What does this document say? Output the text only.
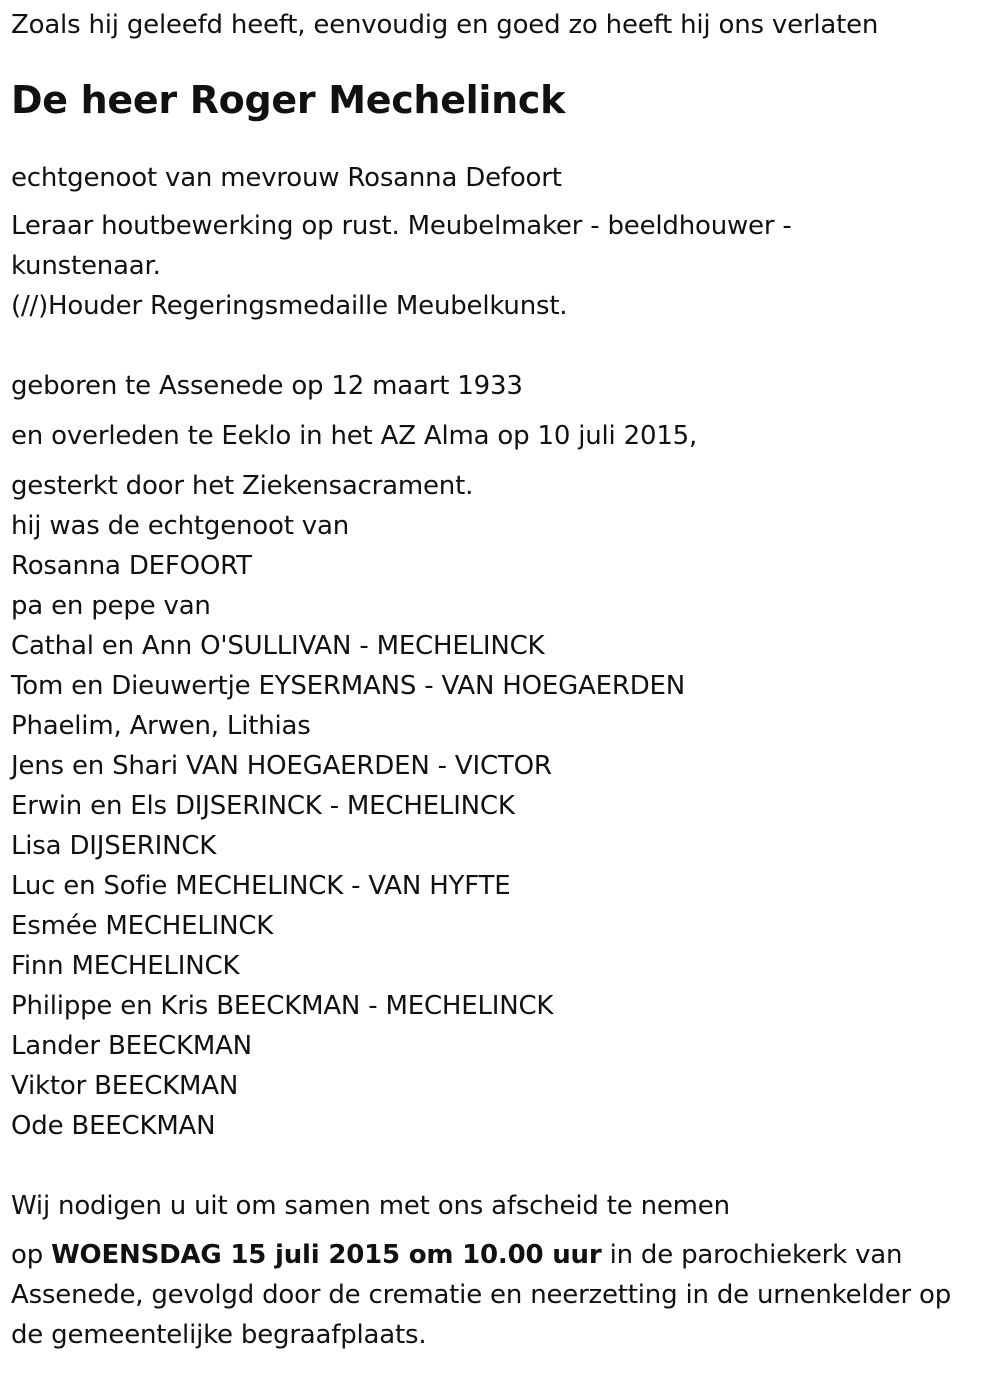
Zoals hij geleefd heeft, eenvoudig en goed zo heeft hij ons verlaten
De heer Roger Mechelinck
echtgenoot van mevrouw Rosanna Defoort
Leraar houtbewerking op rust. Meubelmaker - beeldhouwer -
kunstenaar.
(//)Houder Regeringsmedaille Meubelkunst.
geboren te Assenede op 12 maart 1933
en overleden te Eeklo in het AZ Alma op 10 juli 2015,
gesterkt door het Ziekensacrament.
hij was de echtgenoot van
Rosanna DEFOORT
pa en pepe van
Cathal en Ann O'SULLIVAN - MECHELINCK
Tom en Dieuwertje EYSERMANS - VAN HOEGAERDEN
Phaelim, Arwen, Lithias
Jens en Shari VAN HOEGAERDEN - VICTOR
Erwin en Els DIJSERINCK - MECHELINCK
Lisa DIJSERINCK
Luc en Sofie MECHELINCK - VAN HYFTE
Esmée MECHELINCK
Finn MECHELINCK
Philippe en Kris BEECKMAN - MECHELINCK
Lander BEECKMAN
Viktor BEECKMAN
Ode BEECKMAN
Wij nodigen u uit om samen met ons afscheid te nemen
op WOENSDAG 15 juli 2015 om 10.00 uur in de parochiekerk van
Assenede, gevolgd door de crematie en neerzetting in de urnenkelder op
de gemeentelijke begraafplaats.
